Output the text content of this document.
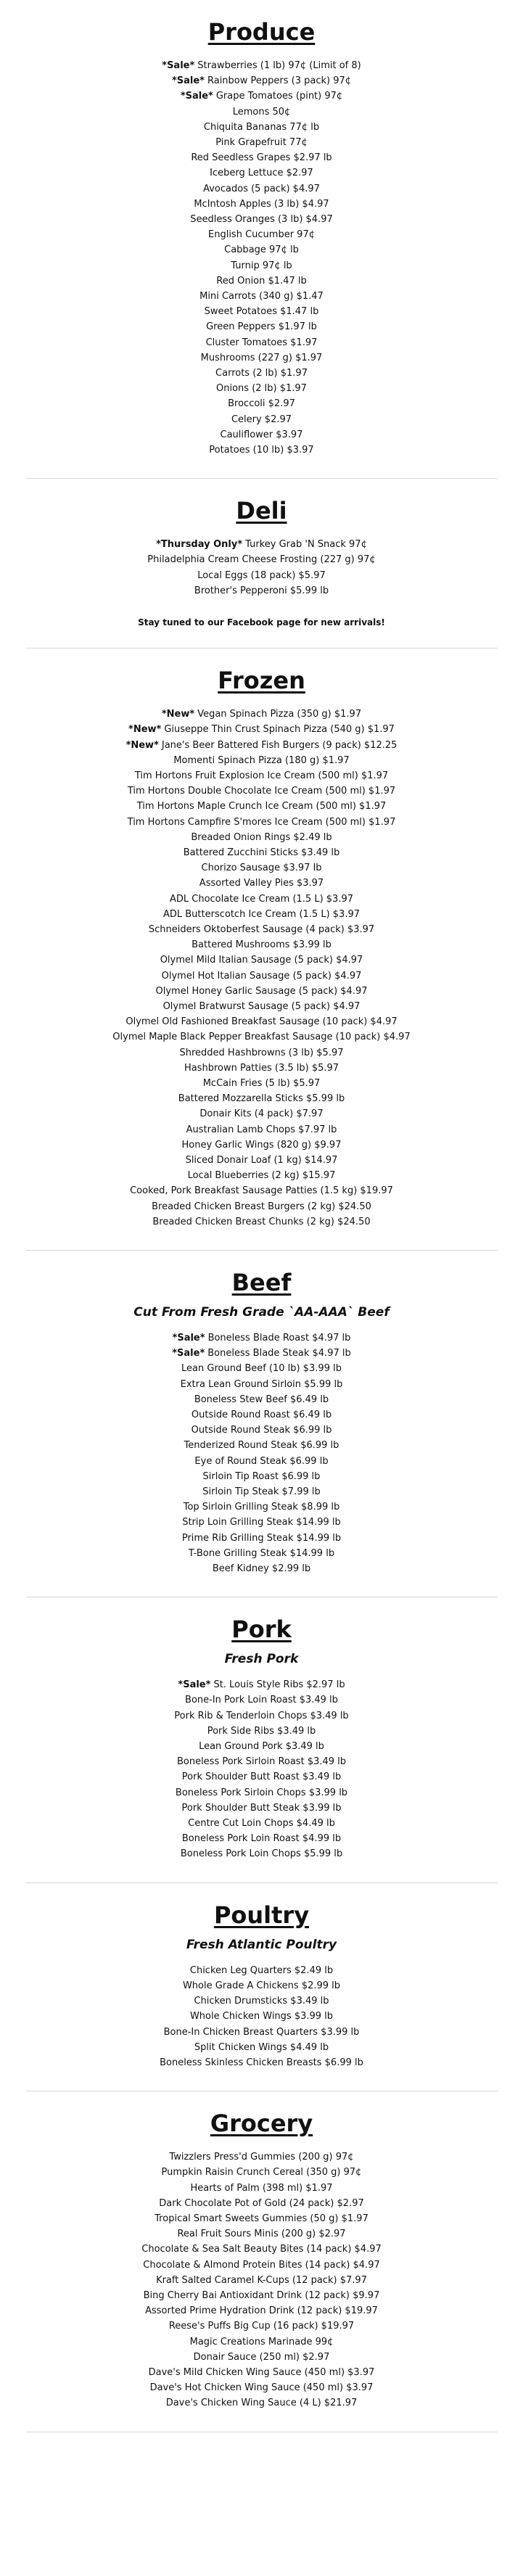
Produce
*Sale* Strawberries (1 lb) 97¢ (Limit of 8)
*Sale* Rainbow Peppers (3 pack) 97¢
*Sale* Grape Tomatoes (pint) 97¢
Lemons 50¢
Chiquita Bananas 77¢ lb
Pink Grapefruit 77¢
Red Seedless Grapes $2.97 lb
Iceberg Lettuce $2.97
Avocados (5 pack) $4.97
McIntosh Apples (3 lb) $4.97
Seedless Oranges (3 lb) $4.97
English Cucumber 97¢
Cabbage 97¢ lb
Turnip 97¢ lb
Red Onion $1.47 lb
Mini Carrots (340 g) $1.47
Sweet Potatoes $1.47 lb
Green Peppers $1.97 lb
Cluster Tomatoes $1.97
Mushrooms (227 g) $1.97
Carrots (2 lb) $1.97
Onions (2 lb) $1.97
Broccoli $2.97
Celery $2.97
Cauliflower $3.97
Potatoes (10 lb) $3.97
Deli
*Thursday Only* Turkey Grab 'N Snack 97¢
Philadelphia Cream Cheese Frosting (227 g) 97¢
Local Eggs (18 pack) $5.97
Brother's Pepperoni $5.99 lb
Stay tuned to our Facebook page for new arrivals!
Frozen
*New* Vegan Spinach Pizza (350 g) $1.97
*New* Giuseppe Thin Crust Spinach Pizza (540 g) $1.97
*New* Jane's Beer Battered Fish Burgers (9 pack) $12.25
Momenti Spinach Pizza (180 g) $1.97
Tim Hortons Fruit Explosion Ice Cream (500 ml) $1.97
Tim Hortons Double Chocolate Ice Cream (500 ml) $1.97
Tim Hortons Maple Crunch Ice Cream (500 ml) $1.97
Tim Hortons Campfire S'mores Ice Cream (500 ml) $1.97
Breaded Onion Rings $2.49 lb
Battered Zucchini Sticks $3.49 lb
Chorizo Sausage $3.97 lb
Assorted Valley Pies $3.97
ADL Chocolate Ice Cream (1.5 L) $3.97
ADL Butterscotch Ice Cream (1.5 L) $3.97
Schneiders Oktoberfest Sausage (4 pack) $3.97
Battered Mushrooms $3.99 lb
Olymel Mild Italian Sausage (5 pack) $4.97
Olymel Hot Italian Sausage (5 pack) $4.97
Olymel Honey Garlic Sausage (5 pack) $4.97
Olymel Bratwurst Sausage (5 pack) $4.97
Olymel Old Fashioned Breakfast Sausage (10 pack) $4.97
Olymel Maple Black Pepper Breakfast Sausage (10 pack) $4.97
Shredded Hashbrowns (3 lb) $5.97
Hashbrown Patties (3.5 lb) $5.97
McCain Fries (5 lb) $5.97
Battered Mozzarella Sticks $5.99 lb
Donair Kits (4 pack) $7.97
Australian Lamb Chops $7.97 lb
Honey Garlic Wings (820 g) $9.97
Sliced Donair Loaf (1 kg) $14.97
Local Blueberries (2 kg) $15.97
Cooked, Pork Breakfast Sausage Patties (1.5 kg) $19.97
Breaded Chicken Breast Burgers (2 kg) $24.50
Breaded Chicken Breast Chunks (2 kg) $24.50
Beef
Cut From Fresh Grade `AA-AAA` Beef
*Sale* Boneless Blade Roast $4.97 lb
*Sale* Boneless Blade Steak $4.97 lb
Lean Ground Beef (10 lb) $3.99 lb
Extra Lean Ground Sirloin $5.99 lb
Boneless Stew Beef $6.49 lb
Outside Round Roast $6.49 lb
Outside Round Steak $6.99 lb
Tenderized Round Steak $6.99 lb
Eye of Round Steak $6.99 lb
Sirloin Tip Roast $6.99 lb
Sirloin Tip Steak $7.99 lb
Top Sirloin Grilling Steak $8.99 lb
Strip Loin Grilling Steak $14.99 lb
Prime Rib Grilling Steak $14.99 lb
T-Bone Grilling Steak $14.99 lb
Beef Kidney $2.99 lb
Pork
Fresh Pork
*Sale* St. Louis Style Ribs $2.97 lb
Bone-In Pork Loin Roast $3.49 lb
Pork Rib & Tenderloin Chops $3.49 lb
Pork Side Ribs $3.49 lb
Lean Ground Pork $3.49 lb
Boneless Pork Sirloin Roast $3.49 lb
Pork Shoulder Butt Roast $3.49 lb
Boneless Pork Sirloin Chops $3.99 lb
Pork Shoulder Butt Steak $3.99 lb
Centre Cut Loin Chops $4.49 lb
Boneless Pork Loin Roast $4.99 lb
Boneless Pork Loin Chops $5.99 lb
Poultry
Fresh Atlantic Poultry
Chicken Leg Quarters $2.49 lb
Whole Grade A Chickens $2.99 lb
Chicken Drumsticks $3.49 lb
Whole Chicken Wings $3.99 lb
Bone-In Chicken Breast Quarters $3.99 lb
Split Chicken Wings $4.49 lb
Boneless Skinless Chicken Breasts $6.99 lb
Grocery
Twizzlers Press'd Gummies (200 g) 97¢
Pumpkin Raisin Crunch Cereal (350 g) 97¢
Hearts of Palm (398 ml) $1.97
Dark Chocolate Pot of Gold (24 pack) $2.97
Tropical Smart Sweets Gummies (50 g) $1.97
Real Fruit Sours Minis (200 g) $2.97
Chocolate & Sea Salt Beauty Bites (14 pack) $4.97
Chocolate & Almond Protein Bites (14 pack) $4.97
Kraft Salted Caramel K-Cups (12 pack) $7.97
Bing Cherry Bai Antioxidant Drink (12 pack) $9.97
Assorted Prime Hydration Drink (12 pack) $19.97
Reese's Puffs Big Cup (16 pack) $19.97
Magic Creations Marinade 99¢
Donair Sauce (250 ml) $2.97
Dave's Mild Chicken Wing Sauce (450 ml) $3.97
Dave's Hot Chicken Wing Sauce (450 ml) $3.97
Dave's Chicken Wing Sauce (4 L) $21.97
